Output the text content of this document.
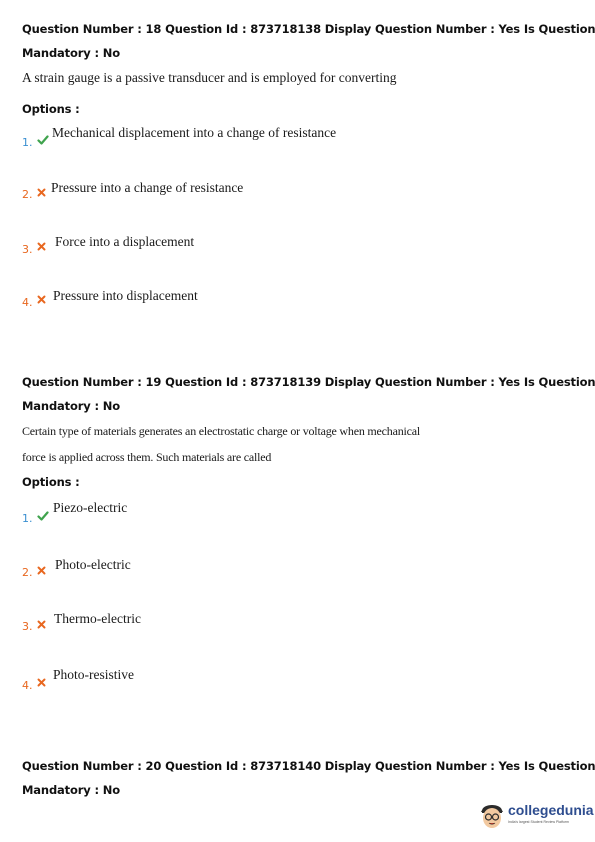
Question Number : 18 Question Id : 873718138 Display Question Number : Yes Is Question
Mandatory : No
A strain gauge is a passive transducer and is employed for converting
Options :
1.
Mechanical displacement into a change of resistance
2. Pressure into a change of resistance
3.
Force into a displacement
4. Pressure into displacement
Question Number : 19 Question Id : 873718139 Display Question Number : Yes Is Question
Mandatory : No
Certain type of materials generates an electrostatic charge or voltage when mechanical
force is applied across them. Such materials are called
Options :
1.
Piezo-electric
2.
Photo-electric
3.
Thermo-electric
4.
Photo-resistive
Question Number : 20 Question Id : 873718140 Display Question Number : Yes Is Question
Mandatory : No
collegedunia
India's largest Student Review Platform
